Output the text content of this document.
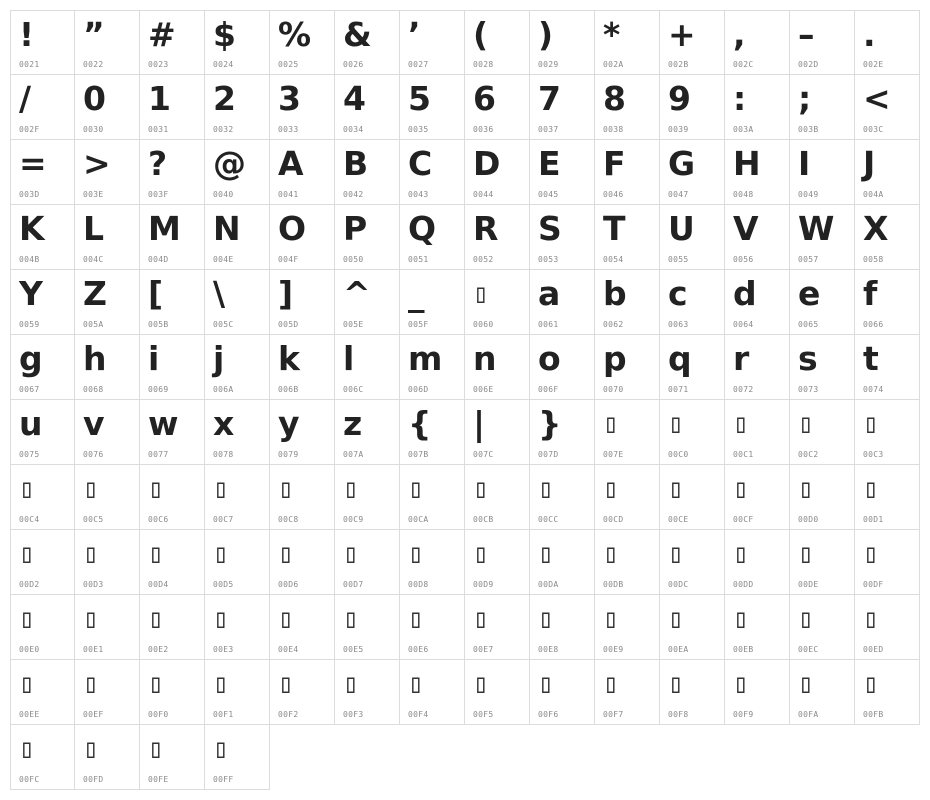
!
0021
”
0022
#
0023
$
0024
%
0025
&
0026
’
0027
(
0028
)
0029
*
002A
+
002B
,
002C
–
002D
.
002E
/
002F
0
0030
1
0031
2
0032
3
0033
4
0034
5
0035
6
0036
7
0037
8
0038
9
0039
:
003A
;
003B
<
003C
=
003D
>
003E
?
003F
@
0040
A
0041
B
0042
C
0043
D
0044
E
0045
F
0046
G
0047
H
0048
I
0049
J
004A
K
004B
L
004C
M
004D
N
004E
O
004F
P
0050
Q
0051
R
0052
S
0053
T
0054
U
0055
V
0056
W
0057
X
0058
Y
0059
Z
005A
[
005B
\
005C
]
005D
^
005E
_
005F
▯
0060
a
0061
b
0062
c
0063
d
0064
e
0065
f
0066
g
0067
h
0068
i
0069
j
006A
k
006B
l
006C
m
006D
n
006E
o
006F
p
0070
q
0071
r
0072
s
0073
t
0074
u
0075
v
0076
w
0077
x
0078
y
0079
z
007A
{
007B
|
007C
}
007D
▯
007E
▯
00C0
▯
00C1
▯
00C2
▯
00C3
▯
00C4
▯
00C5
▯
00C6
▯
00C7
▯
00C8
▯
00C9
▯
00CA
▯
00CB
▯
00CC
▯
00CD
▯
00CE
▯
00CF
▯
00D0
▯
00D1
▯
00D2
▯
00D3
▯
00D4
▯
00D5
▯
00D6
▯
00D7
▯
00D8
▯
00D9
▯
00DA
▯
00DB
▯
00DC
▯
00DD
▯
00DE
▯
00DF
▯
00E0
▯
00E1
▯
00E2
▯
00E3
▯
00E4
▯
00E5
▯
00E6
▯
00E7
▯
00E8
▯
00E9
▯
00EA
▯
00EB
▯
00EC
▯
00ED
▯
00EE
▯
00EF
▯
00F0
▯
00F1
▯
00F2
▯
00F3
▯
00F4
▯
00F5
▯
00F6
▯
00F7
▯
00F8
▯
00F9
▯
00FA
▯
00FB
▯
00FC
▯
00FD
▯
00FE
▯
00FF
